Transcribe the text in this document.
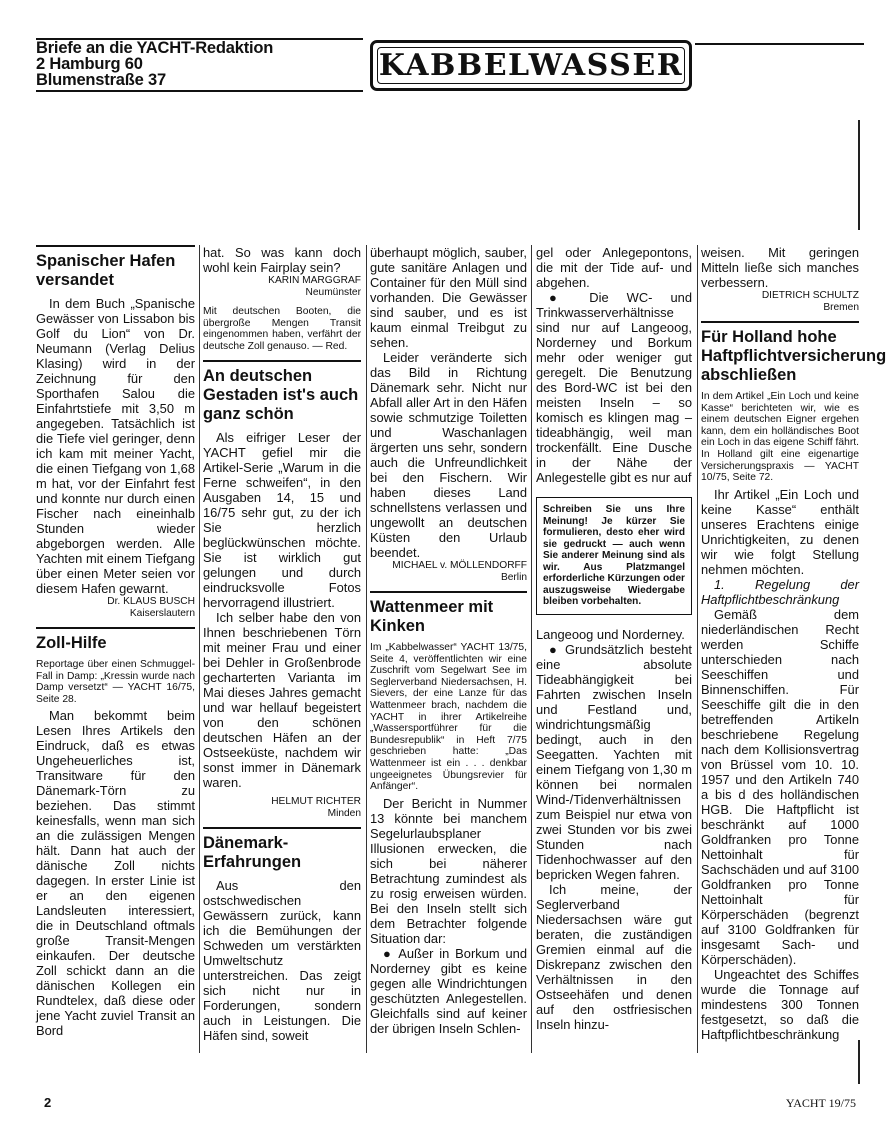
Briefe an die YACHT-Redaktion
2 Hamburg 60
Blumenstraße 37	KABBELWASSER
Spanischer Hafen versandet
In dem Buch „Spanische Gewässer von Lissabon bis Golf du Lion“ von Dr. Neumann (Verlag Delius Klasing) wird in der Zeichnung für den Sporthafen Salou die Einfahrtstiefe mit 3,50 m angegeben. Tatsächlich ist die Tiefe viel geringer, denn ich kam mit meiner Yacht, die einen Tiefgang von 1,68 m hat, vor der Einfahrt fest und konnte nur durch einen Fischer nach eineinhalb Stunden wieder abgeborgen werden. Alle Yachten mit einem Tiefgang über einen Meter seien vor diesem Hafen gewarnt.
Dr. KLAUS BUSCH
Kaiserslautern
Zoll-Hilfe
Reportage über einen Schmuggel-Fall in Damp: „Kressin wurde nach Damp versetzt“ — YACHT 16/75, Seite 28.
Man bekommt beim Lesen Ihres Artikels den Eindruck, daß es etwas Ungeheuerliches ist, Transitware für den Dänemark-Törn zu beziehen. Das stimmt keinesfalls, wenn man sich an die zulässigen Mengen hält. Dann hat auch der dänische Zoll nichts dagegen. In erster Linie ist er an den eigenen Landsleuten interessiert, die in Deutschland oftmals große Transit-Mengen einkaufen. Der deutsche Zoll schickt dann an die dänischen Kollegen ein Rundtelex, daß diese oder jene Yacht zuviel Transit an Bord
hat. So was kann doch wohl kein Fairplay sein?
KARIN MARGGRAF
Neumünster
Mit deutschen Booten, die übergroße Mengen Transit eingenommen haben, verfährt der deutsche Zoll genauso. — Red.
An deutschen Gestaden ist's auch ganz schön
Als eifriger Leser der YACHT gefiel mir die Artikel-Serie „Warum in die Ferne schweifen“, in den Ausgaben 14, 15 und 16/75 sehr gut, zu der ich Sie herzlich beglückwünschen möchte. Sie ist wirklich gut gelungen und durch eindrucksvolle Fotos hervorragend illustriert.
Ich selber habe den von Ihnen beschriebenen Törn mit meiner Frau und einer bei Dehler in Großenbrode gecharterten Varianta im Mai dieses Jahres gemacht und war hellauf begeistert von den schönen deutschen Häfen an der Ostseeküste, nachdem wir sonst immer in Dänemark waren.
HELMUT RICHTER
Minden
Dänemark-Erfahrungen
Aus den ostschwedischen Gewässern zurück, kann ich die Bemühungen der Schweden um verstärkten Umweltschutz unterstreichen. Das zeigt sich nicht nur in Forderungen, sondern auch in Leistungen. Die Häfen sind, soweit
überhaupt möglich, sauber, gute sanitäre Anlagen und Container für den Müll sind vorhanden. Die Gewässer sind sauber, und es ist kaum einmal Treibgut zu sehen.
Leider veränderte sich das Bild in Richtung Dänemark sehr. Nicht nur Abfall aller Art in den Häfen sowie schmutzige Toiletten und Waschanlagen ärgerten uns sehr, sondern auch die Unfreundlichkeit bei den Fischern. Wir haben dieses Land schnellstens verlassen und ungewollt an deutschen Küsten den Urlaub beendet.
MICHAEL v. MÖLLENDORFF
Berlin
Wattenmeer mit Kinken
Im „Kabbelwasser“ YACHT 13/75, Seite 4, veröffentlichten wir eine Zuschrift vom Segelwart See im Seglerverband Niedersachsen, H. Sievers, der eine Lanze für das Wattenmeer brach, nachdem die YACHT in ihrer Artikelreihe „Wassersportführer für die Bundesrepublik“ in Heft 7/75 geschrieben hatte: „Das Wattenmeer ist ein . . . denkbar ungeeignetes Übungsrevier für Anfänger“.
Der Bericht in Nummer 13 könnte bei manchem Segelurlaubsplaner Illusionen erwecken, die sich bei näherer Betrachtung zumindest als zu rosig erweisen würden. Bei den Inseln stellt sich dem Betrachter folgende Situation dar:
● Außer in Borkum und Norderney gibt es keine gegen alle Windrichtungen geschützten Anlegestellen. Gleichfalls sind auf keiner der übrigen Inseln Schlen-
gel oder Anlegepontons, die mit der Tide auf- und abgehen.
● Die WC- und Trinkwasserverhältnisse sind nur auf Langeoog, Norderney und Borkum mehr oder weniger gut geregelt. Die Benutzung des Bord-WC ist bei den meisten Inseln – so komisch es klingen mag – tideabhängig, weil man trockenfällt. Eine Dusche in der Nähe der Anlegestelle gibt es nur auf
Schreiben Sie uns Ihre Meinung! Je kürzer Sie formulieren, desto eher wird sie gedruckt — auch wenn Sie anderer Meinung sind als wir. Aus Platzmangel erforderliche Kürzungen oder auszugsweise Wiedergabe bleiben vorbehalten.
Langeoog und Norderney.
● Grundsätzlich besteht eine absolute Tideabhängigkeit bei Fahrten zwischen Inseln und Festland und, windrichtungsmäßig bedingt, auch in den Seegatten. Yachten mit einem Tiefgang von 1,30 m können bei normalen Wind-/Tidenverhältnissen zum Beispiel nur etwa von zwei Stunden vor bis zwei Stunden nach Tidenhochwasser auf den bepricken Wegen fahren.
Ich meine, der Seglerverband Niedersachsen wäre gut beraten, die zuständigen Gremien einmal auf die Diskrepanz zwischen den Verhältnissen in den Ostseehäfen und denen auf den ostfriesischen Inseln hinzu-
weisen. Mit geringen Mitteln ließe sich manches verbessern.
DIETRICH SCHULTZ
Bremen
Für Holland hohe Haftpflichtversicherung abschließen
In dem Artikel „Ein Loch und keine Kasse“ berichteten wir, wie es einem deutschen Eigner ergehen kann, dem ein holländisches Boot ein Loch in das eigene Schiff fährt. In Holland gilt eine eigenartige Versicherungspraxis — YACHT 10/75, Seite 72.
Ihr Artikel „Ein Loch und keine Kasse“ enthält unseres Erachtens einige Unrichtigkeiten, zu denen wir wie folgt Stellung nehmen möchten.
1. Regelung der Haftpflichtbeschränkung
Gemäß dem niederländischen Recht werden Schiffe unterschieden nach Seeschiffen und Binnenschiffen. Für Seeschiffe gilt die in den betreffenden Artikeln beschriebene Regelung nach dem Kollisionsvertrag von Brüssel vom 10. 10. 1957 und den Artikeln 740 a bis d des holländischen HGB. Die Haftpflicht ist beschränkt auf 1000 Goldfranken pro Tonne Nettoinhalt für Sachschäden und auf 3100 Goldfranken pro Tonne Nettoinhalt für Körperschäden (begrenzt auf 3100 Goldfranken für insgesamt Sach- und Körperschäden).
Ungeachtet des Schiffes wurde die Tonnage auf mindestens 300 Tonnen festgesetzt, so daß die Haftpflichtbeschränkung
2	YACHT 19/75
